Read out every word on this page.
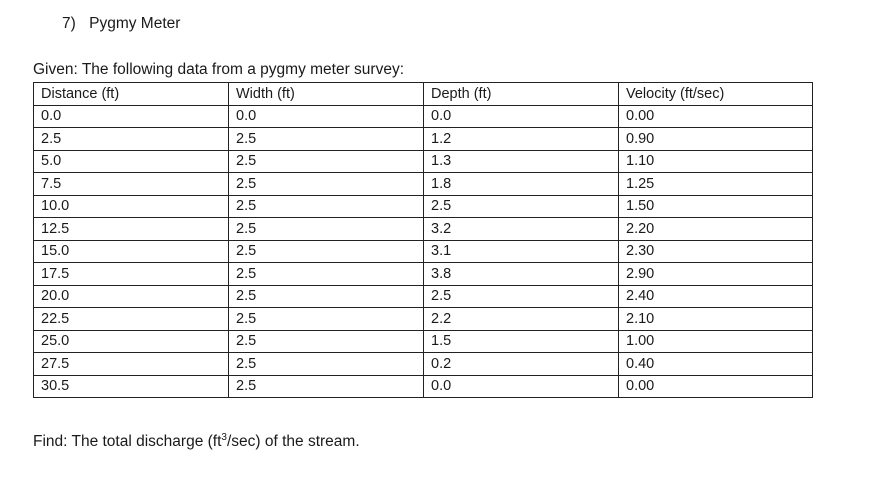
7) Pygmy Meter
Given: The following data from a pygmy meter survey:
Distance (ft)	Width (ft)	Depth (ft)	Velocity (ft/sec)
0.0	0.0	0.0	0.00
2.5	2.5	1.2	0.90
5.0	2.5	1.3	1.10
7.5	2.5	1.8	1.25
10.0	2.5	2.5	1.50
12.5	2.5	3.2	2.20
15.0	2.5	3.1	2.30
17.5	2.5	3.8	2.90
20.0	2.5	2.5	2.40
22.5	2.5	2.2	2.10
25.0	2.5	1.5	1.00
27.5	2.5	0.2	0.40
30.5	2.5	0.0	0.00
Find: The total discharge $(ft^3/\sec)$ of the stream.
